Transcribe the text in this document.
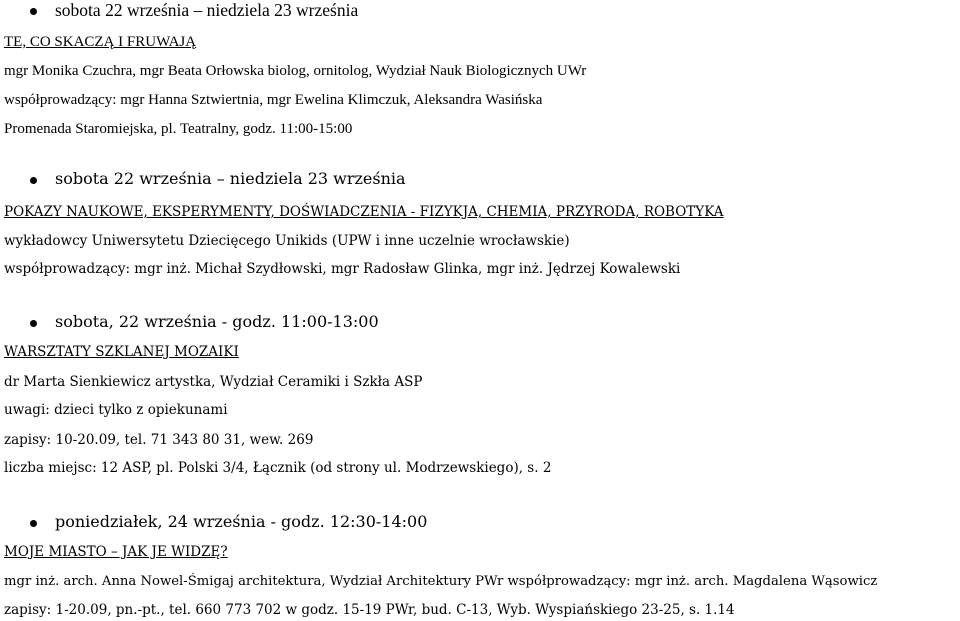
sobota 22 września – niedziela 23 września
TE, CO SKACZĄ I FRUWAJĄ
mgr Monika Czuchra, mgr Beata Orłowska biolog, ornitolog, Wydział Nauk Biologicznych UWr
współprowadzący: mgr Hanna Sztwiertnia, mgr Ewelina Klimczuk, Aleksandra Wasińska
Promenada Staromiejska, pl. Teatralny, godz. 11:00-15:00
sobota 22 września – niedziela 23 września
POKAZY NAUKOWE, EKSPERYMENTY, DOŚWIADCZENIA - FIZYKJA, CHEMIA, PRZYRODA, ROBOTYKA
wykładowcy Uniwersytetu Dziecięcego Unikids (UPW i inne uczelnie wrocławskie)
współprowadzący: mgr inż. Michał Szydłowski, mgr Radosław Glinka, mgr inż. Jędrzej Kowalewski
sobota, 22 września - godz. 11:00-13:00
WARSZTATY SZKLANEJ MOZAIKI
dr Marta Sienkiewicz artystka, Wydział Ceramiki i Szkła ASP
uwagi: dzieci tylko z opiekunami
zapisy: 10-20.09, tel. 71 343 80 31, wew. 269
liczba miejsc: 12 ASP, pl. Polski 3/4, Łącznik (od strony ul. Modrzewskiego), s. 2
poniedziałek, 24 września - godz. 12:30-14:00
MOJE MIASTO – JAK JE WIDZĘ?
mgr inż. arch. Anna Nowel-Śmigaj architektura, Wydział Architektury PWr współprowadzący: mgr inż. arch. Magdalena Wąsowicz
zapisy: 1-20.09, pn.-pt., tel. 660 773 702 w godz. 15-19 PWr, bud. C-13, Wyb. Wyspiańskiego 23-25, s. 1.14
